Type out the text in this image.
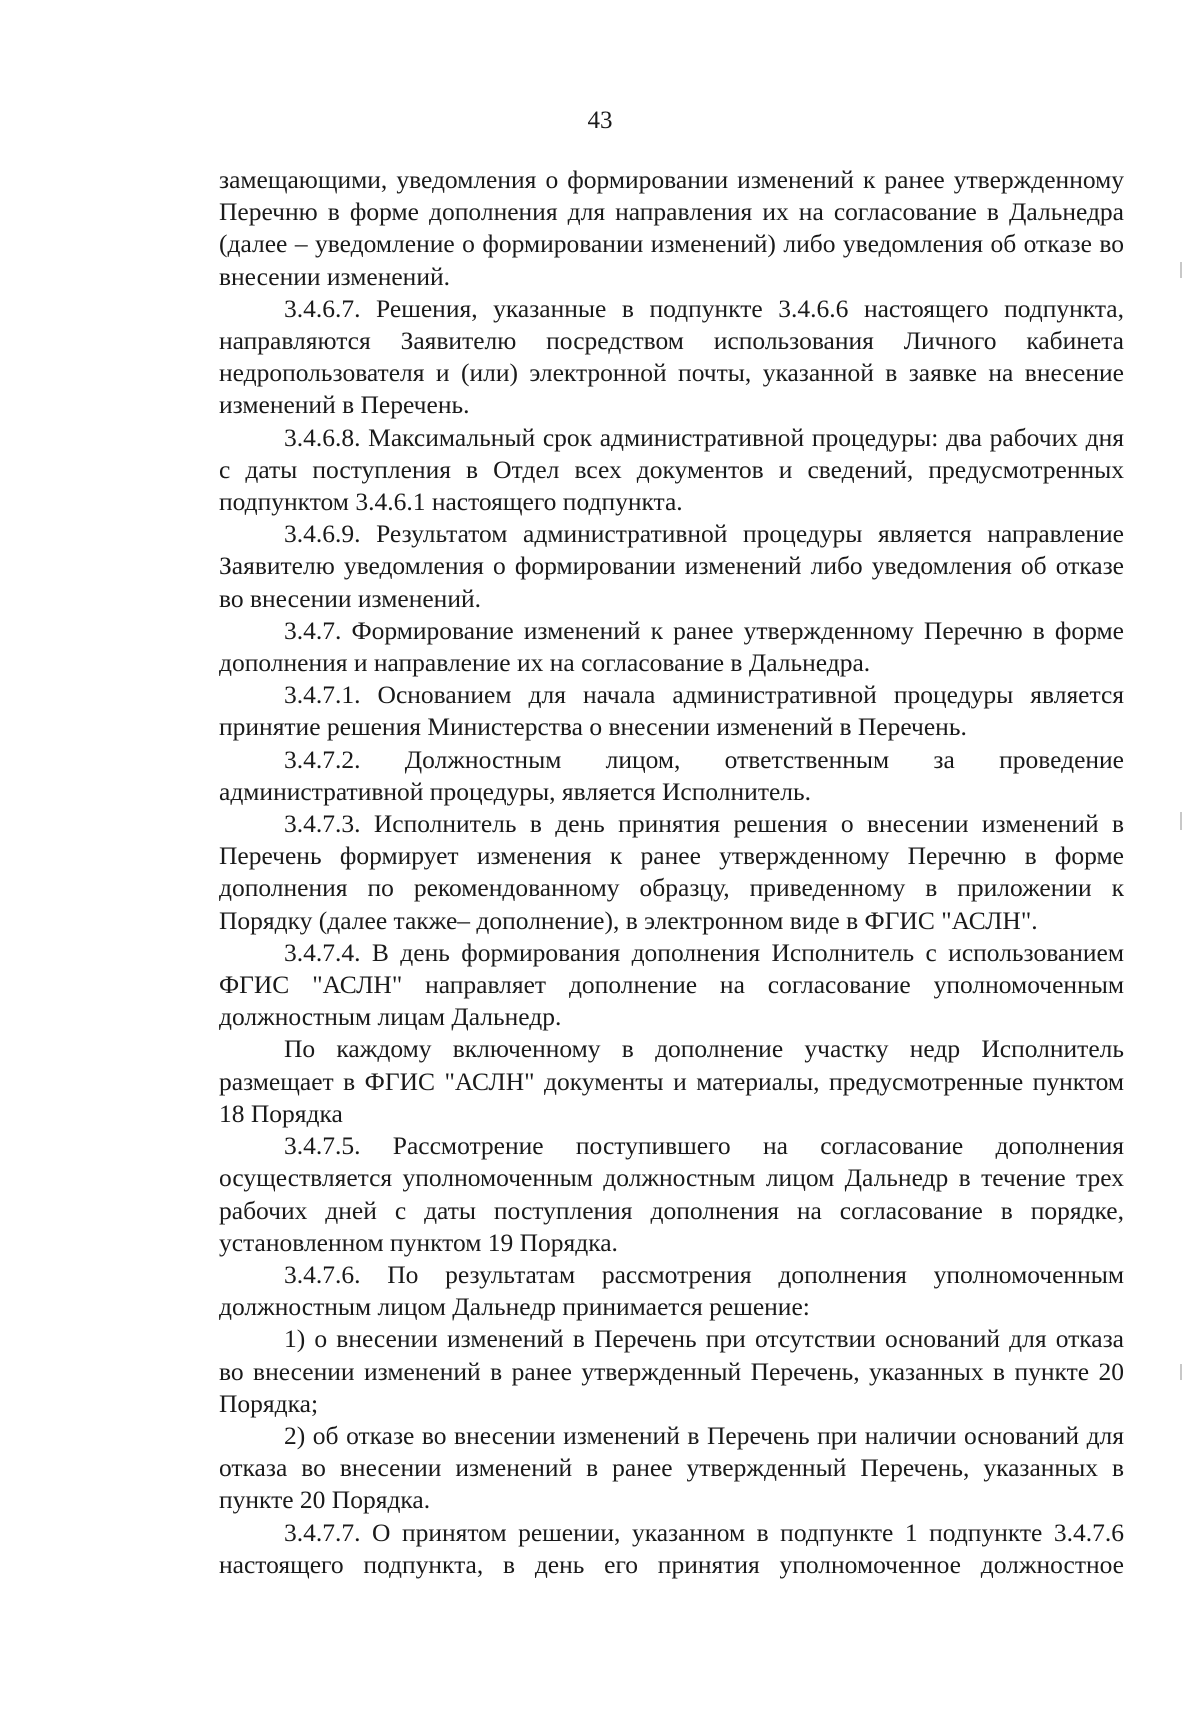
43

замещающими, уведомления о формировании изменений к ранее утвержденному Перечню в форме дополнения для направления их на согласование в Дальнедра (далее – уведомление о формировании изменений) либо уведомления об отказе во внесении изменений.

3.4.6.7. Решения, указанные в подпункте 3.4.6.6 настоящего подпункта, направляются Заявителю посредством использования Личного кабинета недропользователя и (или) электронной почты, указанной в заявке на внесение изменений в Перечень.

3.4.6.8. Максимальный срок административной процедуры: два рабочих дня с даты поступления в Отдел всех документов и сведений, предусмотренных подпунктом 3.4.6.1 настоящего подпункта.

3.4.6.9. Результатом административной процедуры является направление Заявителю уведомления о формировании изменений либо уведомления об отказе во внесении изменений.

3.4.7. Формирование изменений к ранее утвержденному Перечню в форме дополнения и направление их на согласование в Дальнедра.

3.4.7.1. Основанием для начала административной процедуры является принятие решения Министерства о внесении изменений в Перечень.

3.4.7.2. Должностным лицом, ответственным за проведение административной процедуры, является Исполнитель.

3.4.7.3. Исполнитель в день принятия решения о внесении изменений в Перечень формирует изменения к ранее утвержденному Перечню в форме дополнения по рекомендованному образцу, приведенному в приложении к Порядку (далее также– дополнение), в электронном виде в ФГИС "АСЛН".

3.4.7.4. В день формирования дополнения Исполнитель с использованием ФГИС "АСЛН" направляет дополнение на согласование уполномоченным должностным лицам Дальнедр.

По каждому включенному в дополнение участку недр Исполнитель размещает в ФГИС "АСЛН" документы и материалы, предусмотренные пунктом 18 Порядка

3.4.7.5. Рассмотрение поступившего на согласование дополнения осуществляется уполномоченным должностным лицом Дальнедр в течение трех рабочих дней с даты поступления дополнения на согласование в порядке, установленном пунктом 19 Порядка.

3.4.7.6. По результатам рассмотрения дополнения уполномоченным должностным лицом Дальнедр принимается решение:

1) о внесении изменений в Перечень при отсутствии оснований для отказа во внесении изменений в ранее утвержденный Перечень, указанных в пункте 20 Порядка;

2) об отказе во внесении изменений в Перечень при наличии оснований для отказа во внесении изменений в ранее утвержденный Перечень, указанных в пункте 20 Порядка.

3.4.7.7. О принятом решении, указанном в подпункте 1 подпункте 3.4.7.6 настоящего подпункта, в день его принятия уполномоченное должностное
